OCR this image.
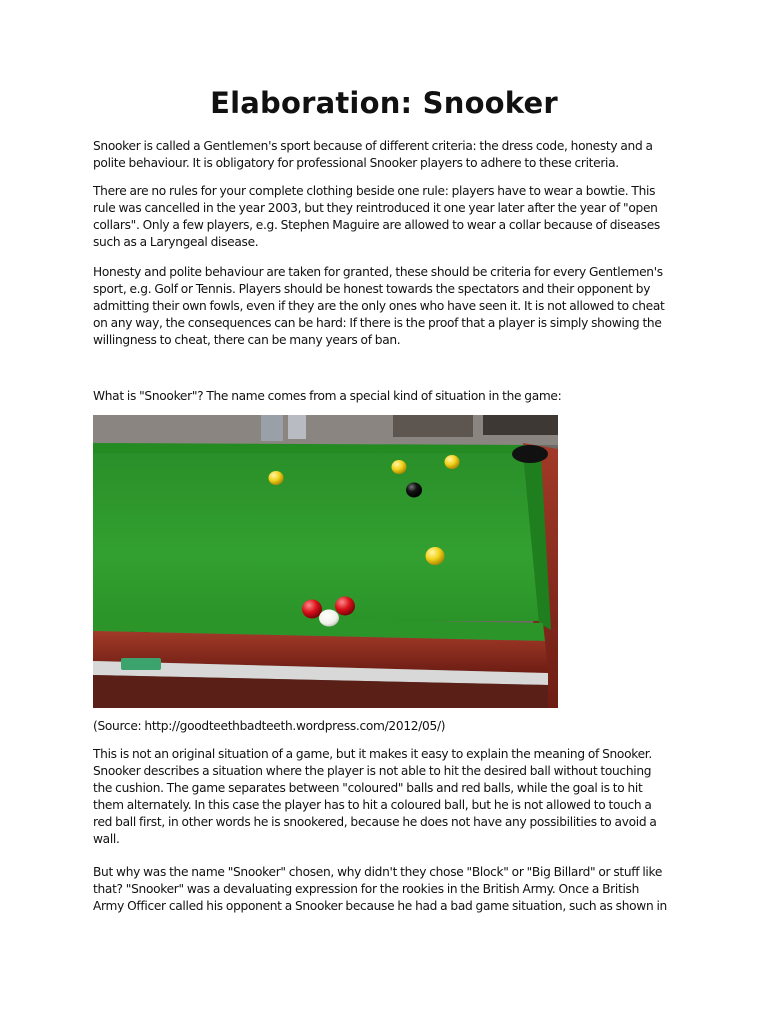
Elaboration: Snooker

Snooker is called a Gentlemen's sport because of different criteria: the dress code, honesty and a polite behaviour. It is obligatory for professional Snooker players to adhere to these criteria.

There are no rules for your complete clothing beside one rule: players have to wear a bowtie. This rule was cancelled in the year 2003, but they reintroduced it one year later after the year of "open collars". Only a few players, e.g. Stephen Maguire are allowed to wear a collar because of diseases such as a Laryngeal disease.

Honesty and polite behaviour are taken for granted, these should be criteria for every Gentlemen's sport, e.g. Golf or Tennis. Players should be honest towards the spectators and their opponent by admitting their own fowls, even if they are the only ones who have seen it. It is not allowed to cheat on any way, the consequences can be hard: If there is the proof that a player is simply showing the willingness to cheat, there can be many years of ban.

What is "Snooker"? The name comes from a special kind of situation in the game:

(Source: http://goodteethbadteeth.wordpress.com/2012/05/)

This is not an original situation of a game, but it makes it easy to explain the meaning of Snooker. Snooker describes a situation where the player is not able to hit the desired ball without touching the cushion. The game separates between "coloured" balls and red balls, while the goal is to hit them alternately. In this case the player has to hit a coloured ball, but he is not allowed to touch a red ball first, in other words he is snookered, because he does not have any possibilities to avoid a wall.

But why was the name "Snooker" chosen, why didn't they chose "Block" or "Big Billard" or stuff like that? "Snooker" was a devaluating expression for the rookies in the British Army. Once a British Army Officer called his opponent a Snooker because he had a bad game situation, such as shown in
